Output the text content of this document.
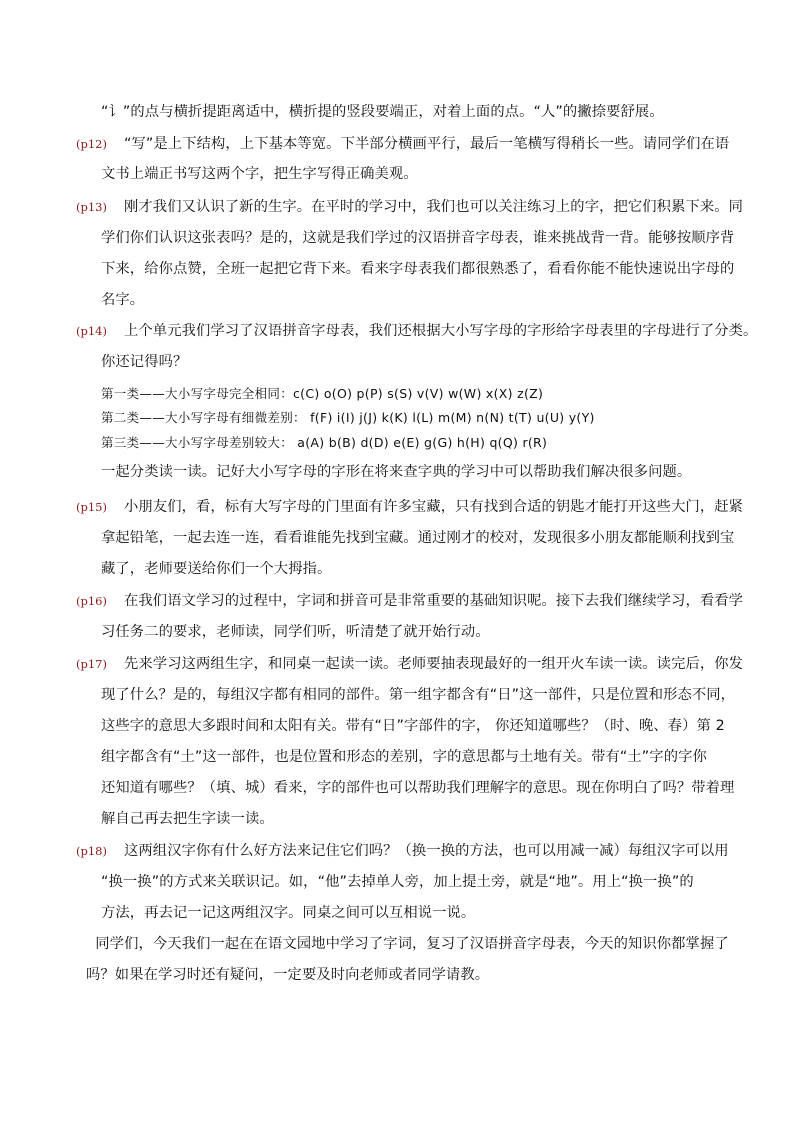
“讠”的点与横折提距离适中，横折提的竖段要端正，对着上面的点。“人”的撇捺要舒展。
(p12) “写”是上下结构，上下基本等宽。下半部分横画平行，最后一笔横写得稍长一些。请同学们在语
文书上端正书写这两个字，把生字写得正确美观。
(p13) 刚才我们又认识了新的生字。在平时的学习中，我们也可以关注练习上的字，把它们积累下来。同
学们你们认识这张表吗？是的，这就是我们学过的汉语拼音字母表，谁来挑战背一背。能够按顺序背
下来，给你点赞，全班一起把它背下来。看来字母表我们都很熟悉了，看看你能不能快速说出字母的
名字。
(p14) 上个单元我们学习了汉语拼音字母表，我们还根据大小写字母的字形给字母表里的字母进行了分类。
你还记得吗？
第一类——大小写字母完全相同：c(C) o(O) p(P) s(S) v(V) w(W) x(X) z(Z)
第二类——大小写字母有细微差别： f(F) i(I) j(J) k(K) l(L) m(M) n(N) t(T) u(U) y(Y)
第三类——大小写字母差别较大： a(A) b(B) d(D) e(E) g(G) h(H) q(Q) r(R)
一起分类读一读。记好大小写字母的字形在将来查字典的学习中可以帮助我们解决很多问题。
(p15) 小朋友们，看，标有大写字母的门里面有许多宝藏，只有找到合适的钥匙才能打开这些大门，赶紧
拿起铅笔，一起去连一连，看看谁能先找到宝藏。通过刚才的校对，发现很多小朋友都能顺利找到宝
藏了，老师要送给你们一个大拇指。
(p16) 在我们语文学习的过程中，字词和拼音可是非常重要的基础知识呢。接下去我们继续学习，看看学
习任务二的要求，老师读，同学们听，听清楚了就开始行动。
(p17) 先来学习这两组生字，和同桌一起读一读。老师要抽表现最好的一组开火车读一读。读完后，你发
现了什么？是的，每组汉字都有相同的部件。第一组字都含有“日”这一部件，只是位置和形态不同，
这些字的意思大多跟时间和太阳有关。带有“日”字部件的字， 你还知道哪些？（时、晚、春）第 2
组字都含有“土”这一部件，也是位置和形态的差别，字的意思都与土地有关。带有“土”字的字你
还知道有哪些？（填、城）看来，字的部件也可以帮助我们理解字的意思。现在你明白了吗？带着理
解自己再去把生字读一读。
(p18) 这两组汉字你有什么好方法来记住它们吗？（换一换的方法，也可以用减一减）每组汉字可以用
“换一换”的方式来关联识记。如，“他”去掉单人旁，加上提土旁，就是“地”。用上“换一换”的
方法，再去记一记这两组汉字。同桌之间可以互相说一说。
同学们，今天我们一起在在语文园地中学习了字词，复习了汉语拼音字母表，今天的知识你都掌握了
吗？如果在学习时还有疑问，一定要及时向老师或者同学请教。
